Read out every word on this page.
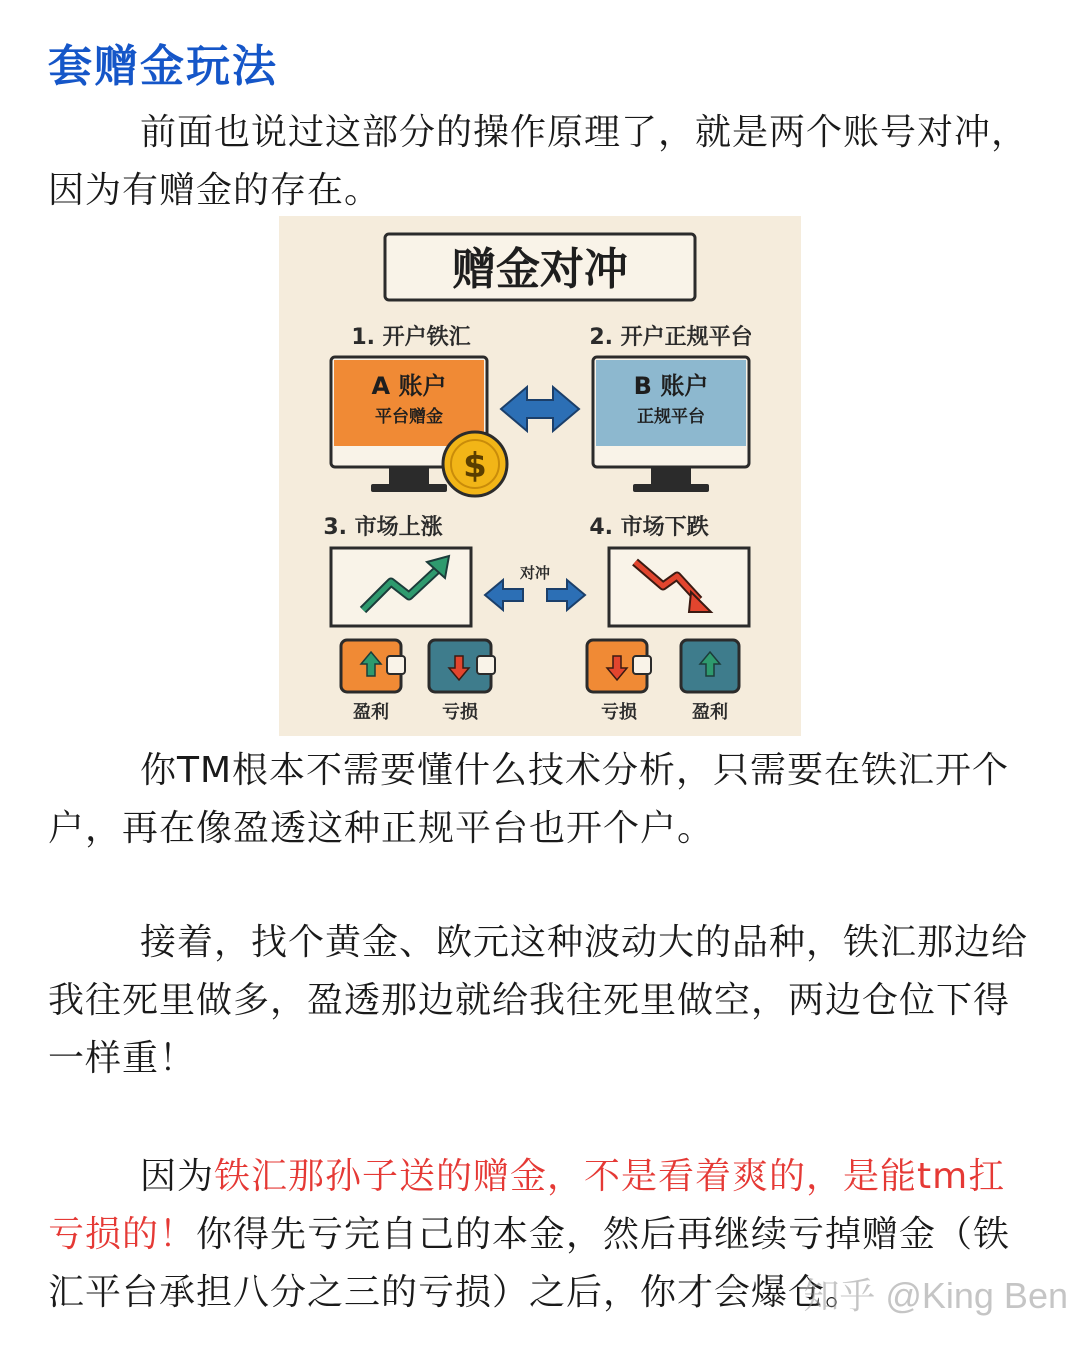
套赠金玩法
前面也说过这部分的操作原理了，就是两个账号对冲，因为有赠金的存在。
赠金对冲
1. 开户铁汇	2. 开户正规平台
A 账户
平台赠金
$
B 账户
正规平台
3. 市场上涨	4. 市场下跌
对冲
盈利	亏损	亏损	盈利
你TM根本不需要懂什么技术分析，只需要在铁汇开个户，再在像盈透这种正规平台也开个户。
接着，找个黄金、欧元这种波动大的品种，铁汇那边给我往死里做多，盈透那边就给我往死里做空，两边仓位下得一样重！
因为铁汇那孙子送的赠金，不是看着爽的，是能tm扛亏损的！你得先亏完自己的本金，然后再继续亏掉赠金（铁汇平台承担八分之三的亏损）之后，你才会爆仓。
知乎 @King Ben
